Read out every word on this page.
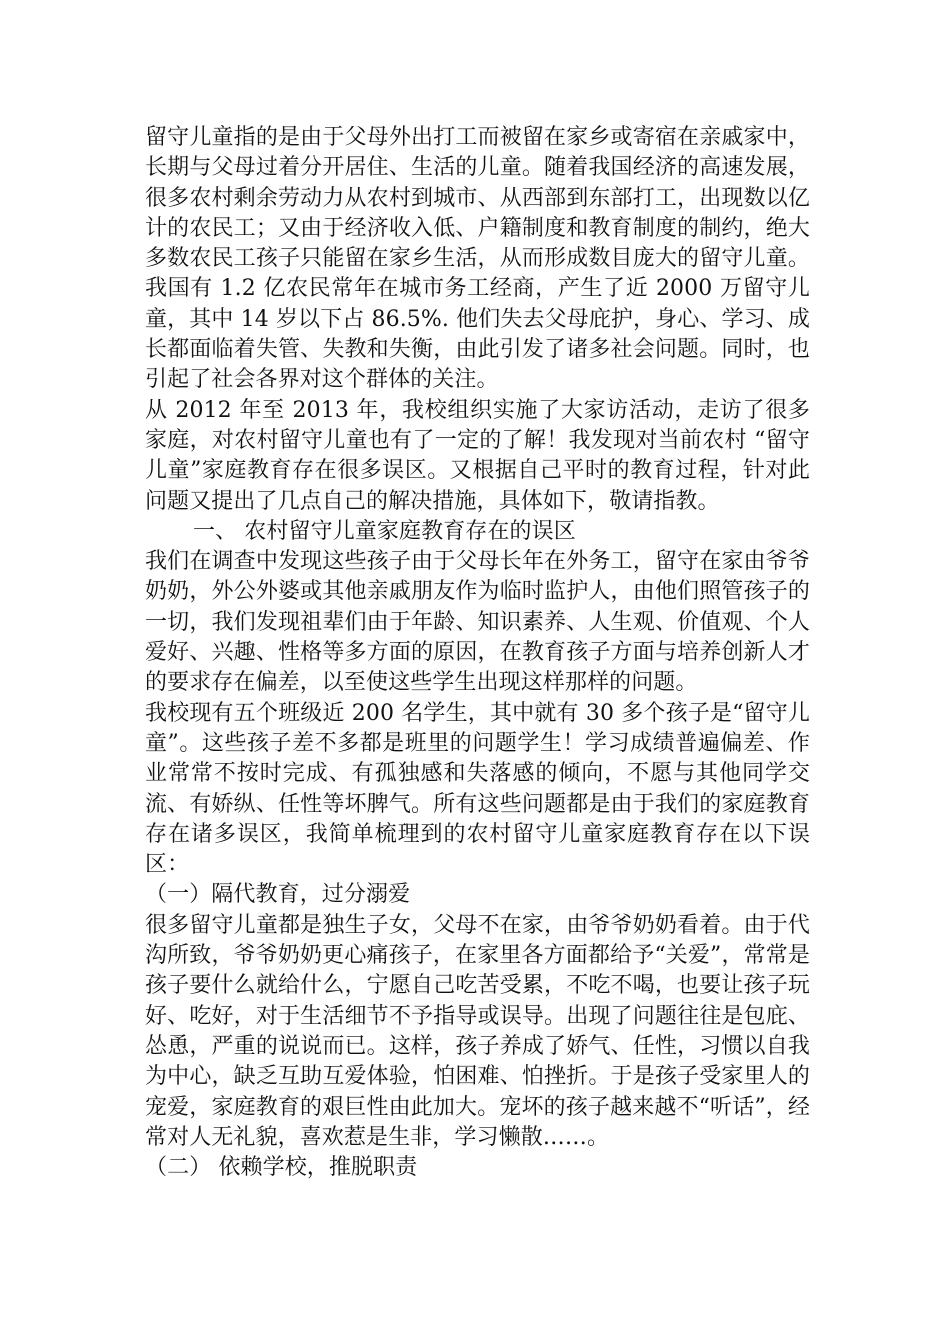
留守儿童指的是由于父母外出打工而被留在家乡或寄宿在亲戚家中，长期与父母过着分开居住、生活的儿童。随着我国经济的高速发展，很多农村剩余劳动力从农村到城市、从西部到东部打工，出现数以亿计的农民工；又由于经济收入低、户籍制度和教育制度的制约，绝大多数农民工孩子只能留在家乡生活，从而形成数目庞大的留守儿童。我国有 1.2 亿农民常年在城市务工经商，产生了近 2000 万留守儿童，其中 14 岁以下占 86.5%. 他们失去父母庇护，身心、学习、成长都面临着失管、失教和失衡，由此引发了诸多社会问题。同时，也引起了社会各界对这个群体的关注。

从 2012 年至 2013 年，我校组织实施了大家访活动，走访了很多家庭，对农村留守儿童也有了一定的了解！我发现对当前农村 “留守儿童”家庭教育存在很多误区。又根据自己平时的教育过程，针对此问题又提出了几点自己的解决措施，具体如下，敬请指教。

一、 农村留守儿童家庭教育存在的误区

我们在调查中发现这些孩子由于父母长年在外务工，留守在家由爷爷奶奶，外公外婆或其他亲戚朋友作为临时监护人，由他们照管孩子的一切，我们发现祖辈们由于年龄、知识素养、人生观、价值观、个人爱好、兴趣、性格等多方面的原因，在教育孩子方面与培养创新人才的要求存在偏差，以至使这些学生出现这样那样的问题。

我校现有五个班级近 200 名学生，其中就有 30 多个孩子是“留守儿童”。这些孩子差不多都是班里的问题学生！学习成绩普遍偏差、作业常常不按时完成、有孤独感和失落感的倾向，不愿与其他同学交流、有娇纵、任性等坏脾气。所有这些问题都是由于我们的家庭教育存在诸多误区，我简单梳理到的农村留守儿童家庭教育存在以下误区：

（一）隔代教育，过分溺爱

很多留守儿童都是独生子女，父母不在家，由爷爷奶奶看着。由于代沟所致，爷爷奶奶更心痛孩子，在家里各方面都给予“关爱”，常常是孩子要什么就给什么，宁愿自己吃苦受累，不吃不喝，也要让孩子玩好、吃好，对于生活细节不予指导或误导。出现了问题往往是包庇、怂恿，严重的说说而已。这样，孩子养成了娇气、任性，习惯以自我为中心，缺乏互助互爱体验，怕困难、怕挫折。于是孩子受家里人的宠爱，家庭教育的艰巨性由此加大。宠坏的孩子越来越不“听话”，经常对人无礼貌，喜欢惹是生非，学习懒散……。

（二） 依赖学校，推脱职责
